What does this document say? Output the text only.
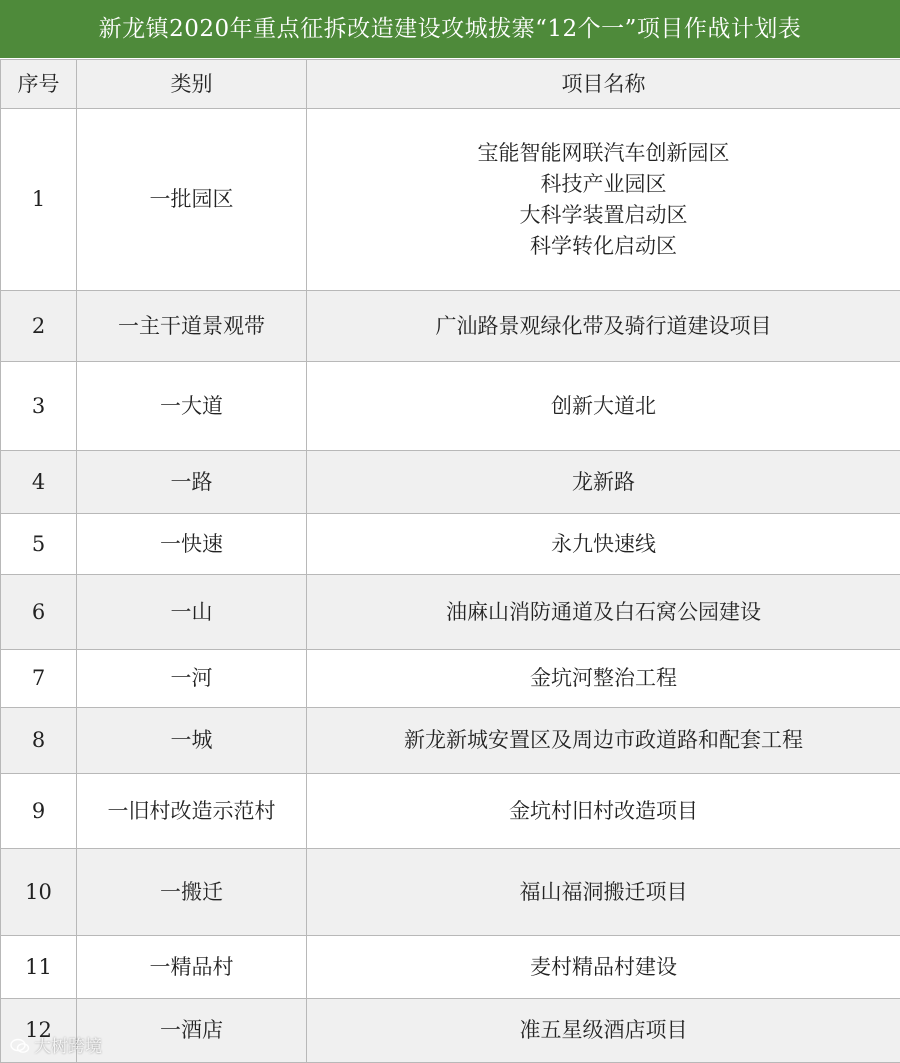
新龙镇2020年重点征拆改造建设攻城拔寨“12个一”项目作战计划表
序号	类别	项目名称
1	一批园区	宝能智能网联汽车创新园区
科技产业园区
大科学装置启动区
科学转化启动区

2	一主干道景观带	广汕路景观绿化带及骑行道建设项目

3	一大道	创新大道北

4	一路	龙新路

5	一快速	永九快速线

6	一山	油麻山消防通道及白石窝公园建设

7	一河	金坑河整治工程

8	一城	新龙新城安置区及周边市政道路和配套工程

9	一旧村改造示范村	金坑村旧村改造项目

10	一搬迁	福山福洞搬迁项目

11	一精品村	麦村精品村建设

12	一酒店	准五星级酒店项目
大树跨境
